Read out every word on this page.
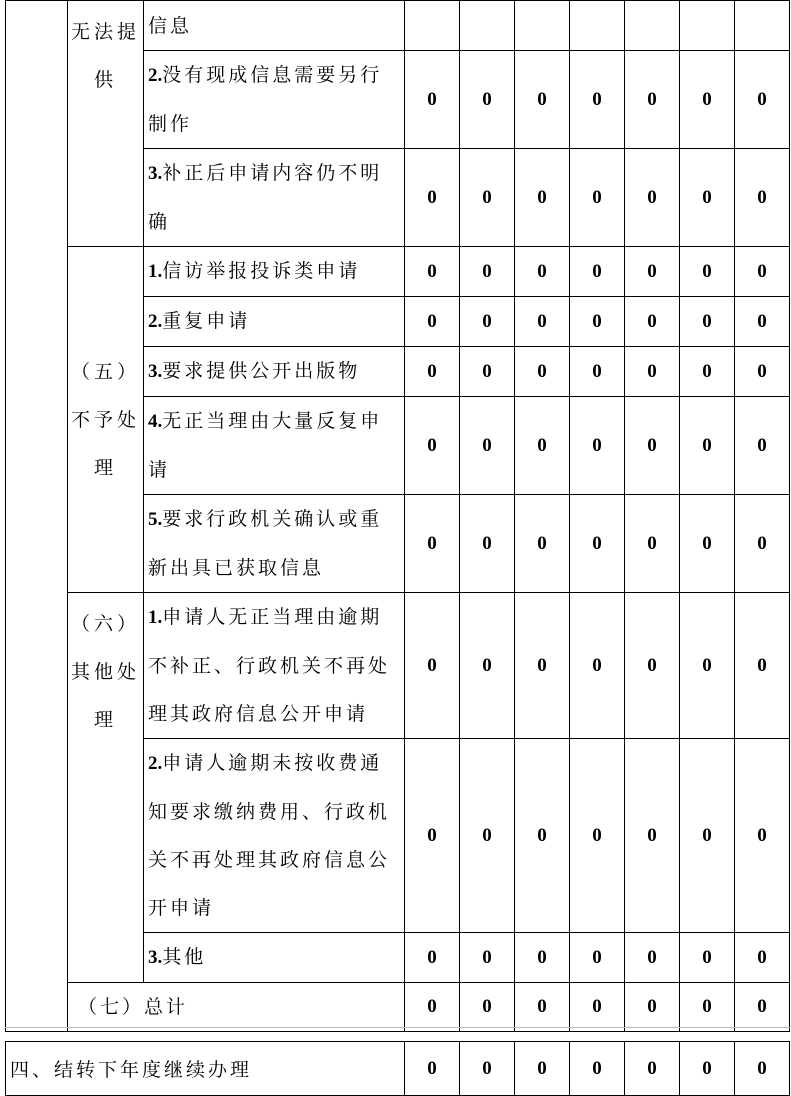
	无法提供	信息							
		2.没有现成信息需要另行制作	0	0	0	0	0	0	0
		3.补正后申请内容仍不明确	0	0	0	0	0	0	0
	（五）不予处理	1.信访举报投诉类申请	0	0	0	0	0	0	0
		2.重复申请	0	0	0	0	0	0	0
		3.要求提供公开出版物	0	0	0	0	0	0	0
		4.无正当理由大量反复申请	0	0	0	0	0	0	0
		5.要求行政机关确认或重新出具已获取信息	0	0	0	0	0	0	0
	（六）其他处理	1.申请人无正当理由逾期不补正、行政机关不再处理其政府信息公开申请	0	0	0	0	0	0	0
		2.申请人逾期未按收费通知要求缴纳费用、行政机关不再处理其政府信息公开申请	0	0	0	0	0	0	0
		3.其他	0	0	0	0	0	0	0
	（七）总计		0	0	0	0	0	0	0
四、结转下年度继续办理	0	0	0	0	0	0	0
